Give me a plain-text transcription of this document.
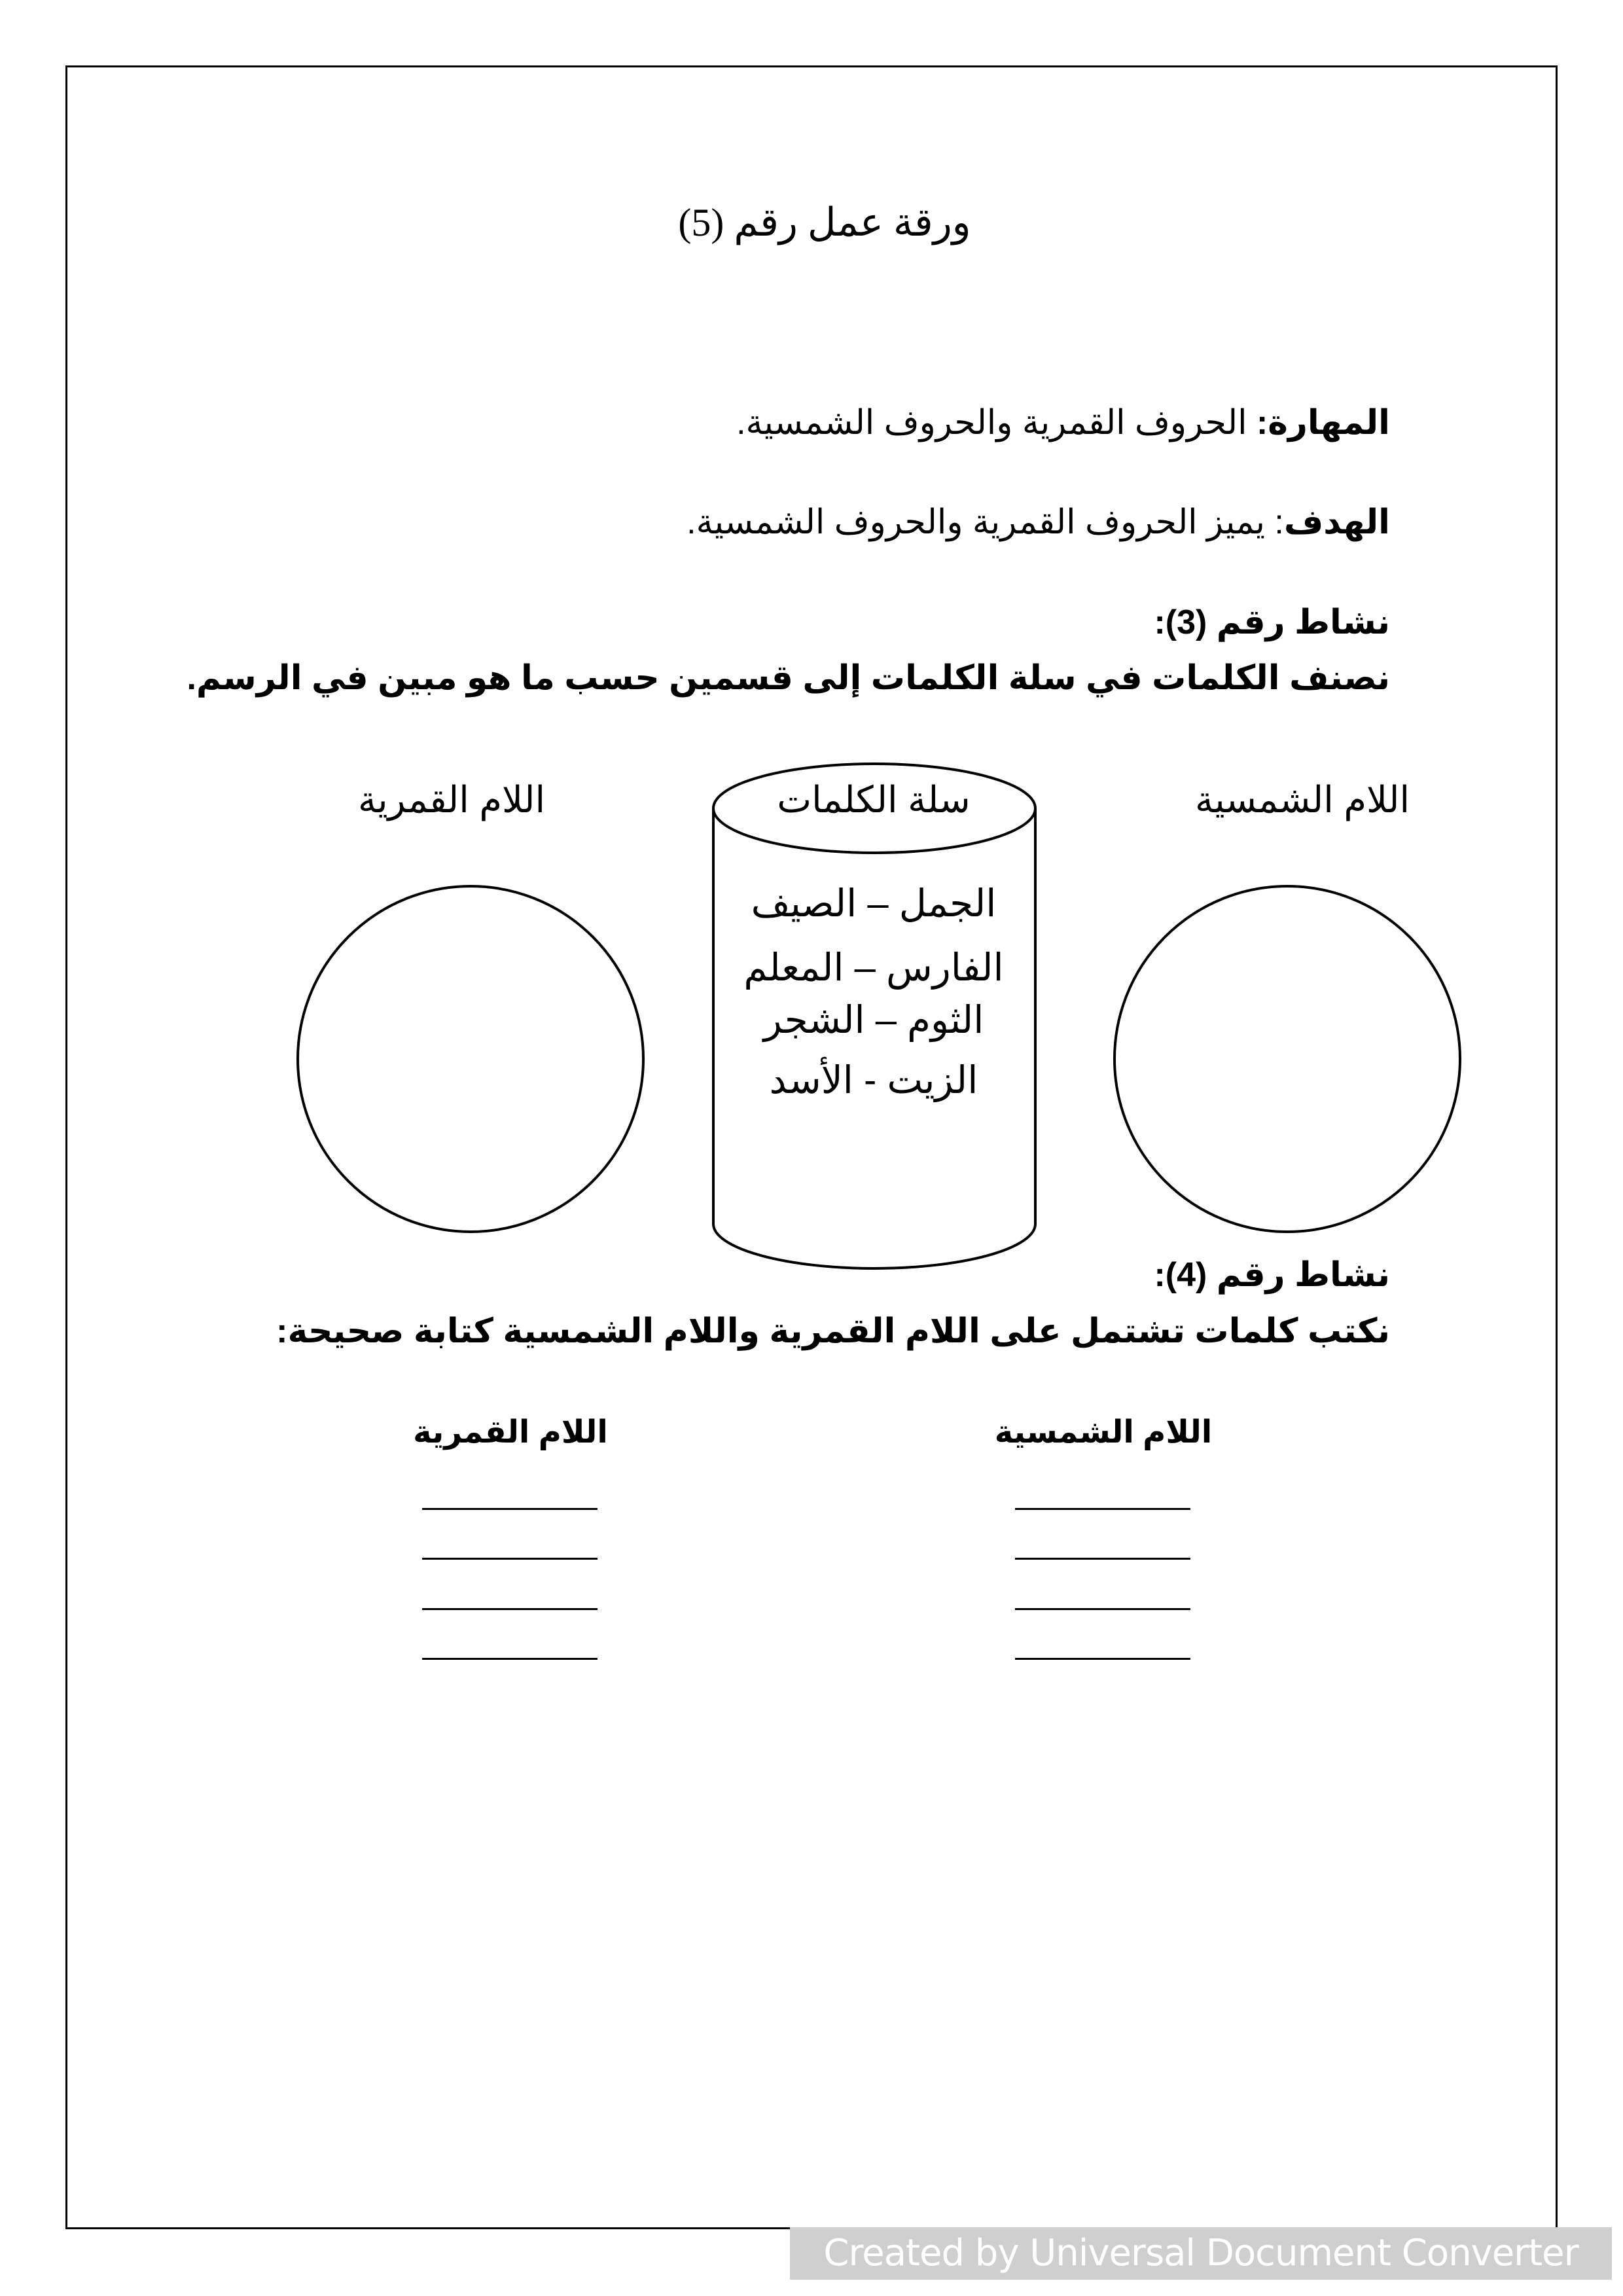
ورقة عمل رقم (5)
المهارة: الحروف القمرية والحروف الشمسية.
الهدف: يميز الحروف القمرية والحروف الشمسية.
نشاط رقم (3):
نصنف الكلمات في سلة الكلمات إلى قسمين حسب ما هو مبين في الرسم.
اللام القمرية	سلة الكلمات	اللام الشمسية
الجمل – الصيف
الفارس – المعلم
الثوم – الشجر
الزيت - الأسد
نشاط رقم (4):
نكتب كلمات تشتمل على اللام القمرية واللام الشمسية كتابة صحيحة:
اللام القمرية	اللام الشمسية
Created by Universal Document Converter
